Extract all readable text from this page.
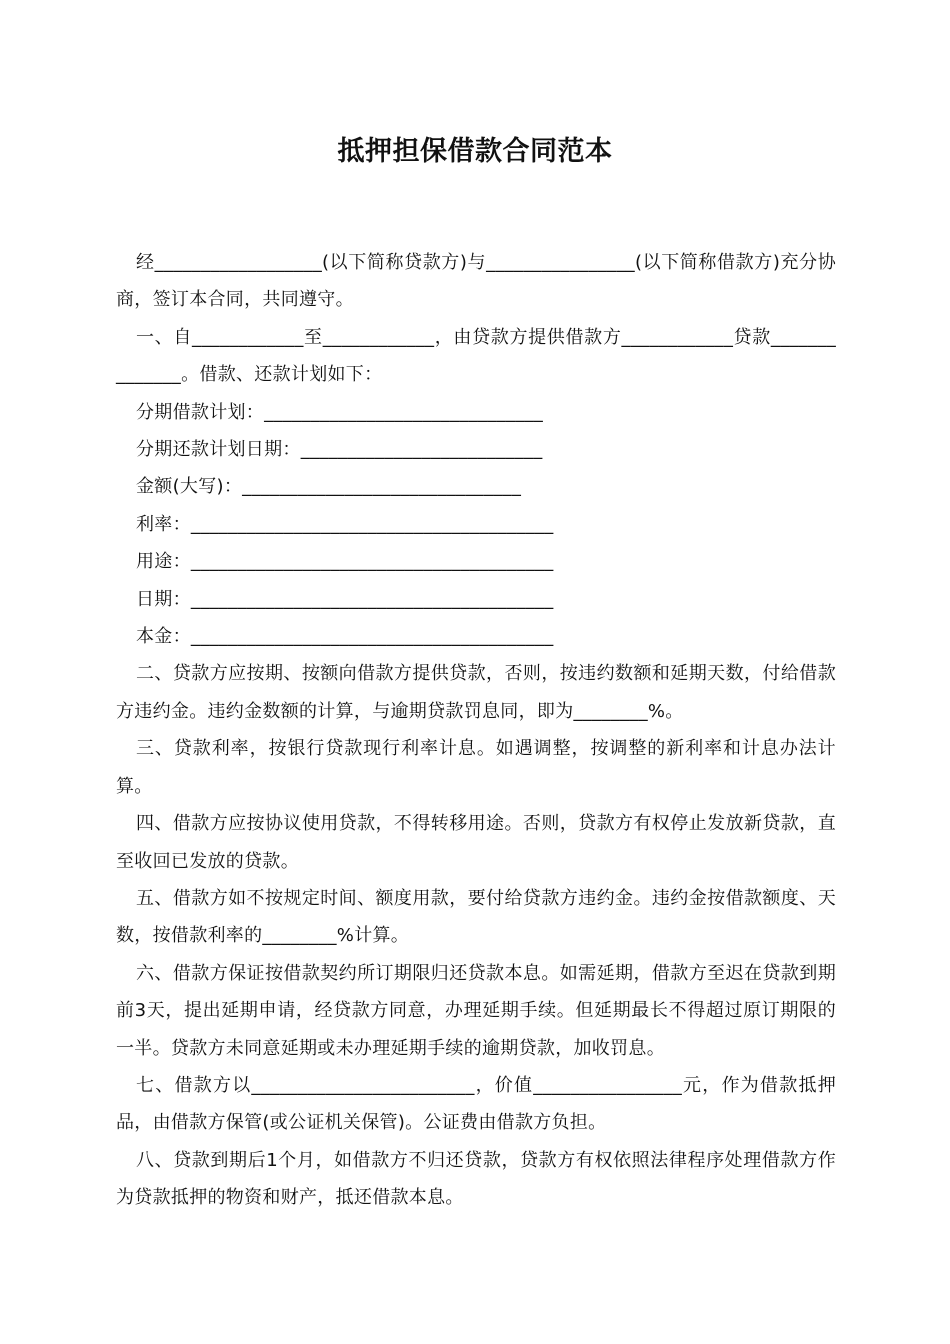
抵押担保借款合同范本

经__________________(以下简称贷款方)与________________(以下简称借款方)充分协商，签订本合同，共同遵守。

一、自____________至____________，由贷款方提供借款方____________贷款______________。借款、还款计划如下：

分期借款计划：______________________________

分期还款计划日期：__________________________

金额(大写)：______________________________

利率：_______________________________________

用途：_______________________________________

日期：_______________________________________

本金：_______________________________________

二、贷款方应按期、按额向借款方提供贷款，否则，按违约数额和延期天数，付给借款方违约金。违约金数额的计算，与逾期贷款罚息同，即为________%。

三、贷款利率，按银行贷款现行利率计息。如遇调整，按调整的新利率和计息办法计算。

四、借款方应按协议使用贷款，不得转移用途。否则，贷款方有权停止发放新贷款，直至收回已发放的贷款。

五、借款方如不按规定时间、额度用款，要付给贷款方违约金。违约金按借款额度、天数，按借款利率的________%计算。

六、借款方保证按借款契约所订期限归还贷款本息。如需延期，借款方至迟在贷款到期前3天，提出延期申请，经贷款方同意，办理延期手续。但延期最长不得超过原订期限的一半。贷款方未同意延期或未办理延期手续的逾期贷款，加收罚息。

七、借款方以________________________，价值________________元，作为借款抵押品，由借款方保管(或公证机关保管)。公证费由借款方负担。

八、贷款到期后1个月，如借款方不归还贷款，贷款方有权依照法律程序处理借款方作为贷款抵押的物资和财产，抵还借款本息。
